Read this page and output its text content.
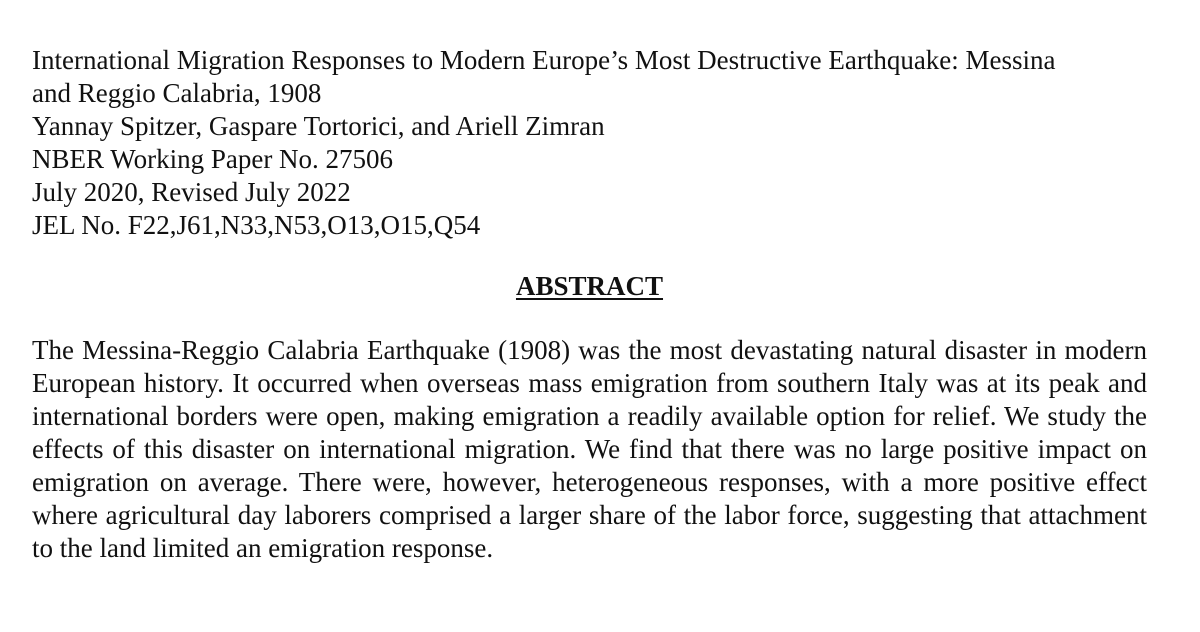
International Migration Responses to Modern Europe’s Most Destructive Earthquake: Messina
and Reggio Calabria, 1908
Yannay Spitzer, Gaspare Tortorici, and Ariell Zimran
NBER Working Paper No. 27506
July 2020, Revised July 2022
JEL No. F22,J61,N33,N53,O13,O15,Q54
ABSTRACT
The Messina-Reggio Calabria Earthquake (1908) was the most devastating natural disaster in modern European history. It occurred when overseas mass emigration from southern Italy was at its peak and international borders were open, making emigration a readily available option for relief. We study the effects of this disaster on international migration. We find that there was no large positive impact on emigration on average. There were, however, heterogeneous responses, with a more positive effect where agricultural day laborers comprised a larger share of the labor force, suggesting that attachment to the land limited an emigration response.
